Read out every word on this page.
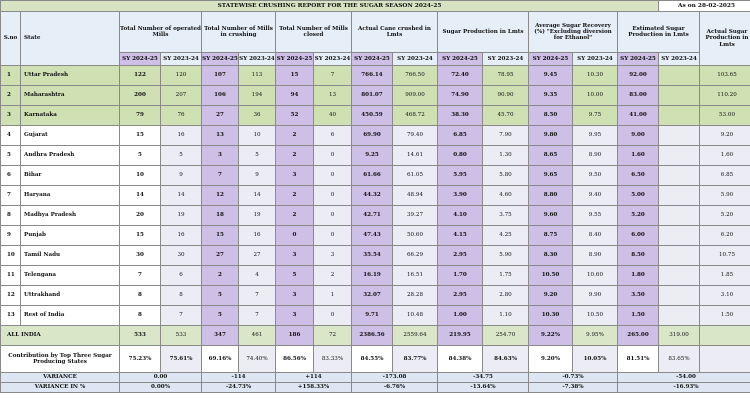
STATEWISE CRUSHING REPORT FOR THE SUGAR SEASON 2024-25															As on 28-02-2025	
S.no	State	Total Number of operated Mills		Total Number of Mills in crushing		Total Number of Mills closed		Actual Cane crushed in Lmts		Sugar Production in Lmts		Average Sugar Recovery (%) "Excluding diversion for Ethanol"		Estimated Sugar Production in Lmts		Actual Sugar Production in Lmts
		SY 2024-25	SY 2023-24	SY 2024-25	SY 2023-24	SY 2024-25	SY 2023-24	SY 2024-25	SY 2023-24	SY 2024-25	SY 2023-24	SY 2024-25	SY 2023-24	SY 2024-25	SY 2023-24	
1	Uttar Pradesh	122	120	107	113	15	7	766.14	766.50	72.40	78.95	9.45	10.30	92.00		103.65
2	Maharashtra	200	207	106	194	94	13	801.07	909.00	74.90	90.90	9.35	10.00	83.00		110.20
3	Karnataka	79	76	27	36	52	40	450.59	468.72	38.30	45.70	8.50	9.75	41.00		53.00
4	Gujarat	15	16	13	10	2	6	69.90	79.40	6.85	7.90	9.80	9.95	9.00		9.20
5	Andhra Pradesh	5	5	3	5	2	0	9.25	14.61	0.80	1.30	8.65	8.90	1.60		1.60
6	Bihar	10	9	7	9	3	0	61.66	61.05	5.95	5.80	9.65	9.50	6.50		6.85
7	Haryana	14	14	12	14	2	0	44.32	48.94	3.90	4.60	8.80	9.40	5.00		5.90
8	Madhya Pradesh	20	19	18	19	2	0	42.71	39.27	4.10	3.75	9.60	9.55	5.20		5.20
9	Punjab	15	16	15	16	0	0	47.43	50.60	4.15	4.25	8.75	8.40	6.00		6.20
10	Tamil Nadu	30	30	27	27	3	3	35.54	66.29	2.95	5.90	8.30	8.90	8.50		10.75
11	Telengana	7	6	2	4	5	2	16.19	16.51	1.70	1.75	10.50	10.60	1.80		1.85
12	Uttrakhand	8	8	5	7	3	1	32.07	28.28	2.95	2.80	9.20	9.90	3.50		3.10
13	Rest of India	8	7	5	7	3	0	9.71	10.48	1.00	1.10	10.30	10.50	1.50		1.50
ALL INDIA		533	533	347	461	186	72	2386.56	2559.64	219.95	254.70	9.22%	9.95%	265.00	319.00	
Contribution by Top Three Sugar Producing States		75.23%	75.61%	69.16%	74.40%	86.56%	83.33%	84.55%	83.77%	84.38%	84.63%	9.20%	10.05%	81.51%	83.65%	
VARIANCE		0.00		-114		+114		-173.08		-34.75		-0.73%		-54.00		
VARIANCE IN %		0.00%		-24.73%		+158.33%		-6.76%		-13.64%		-7.38%		-16.93%		
